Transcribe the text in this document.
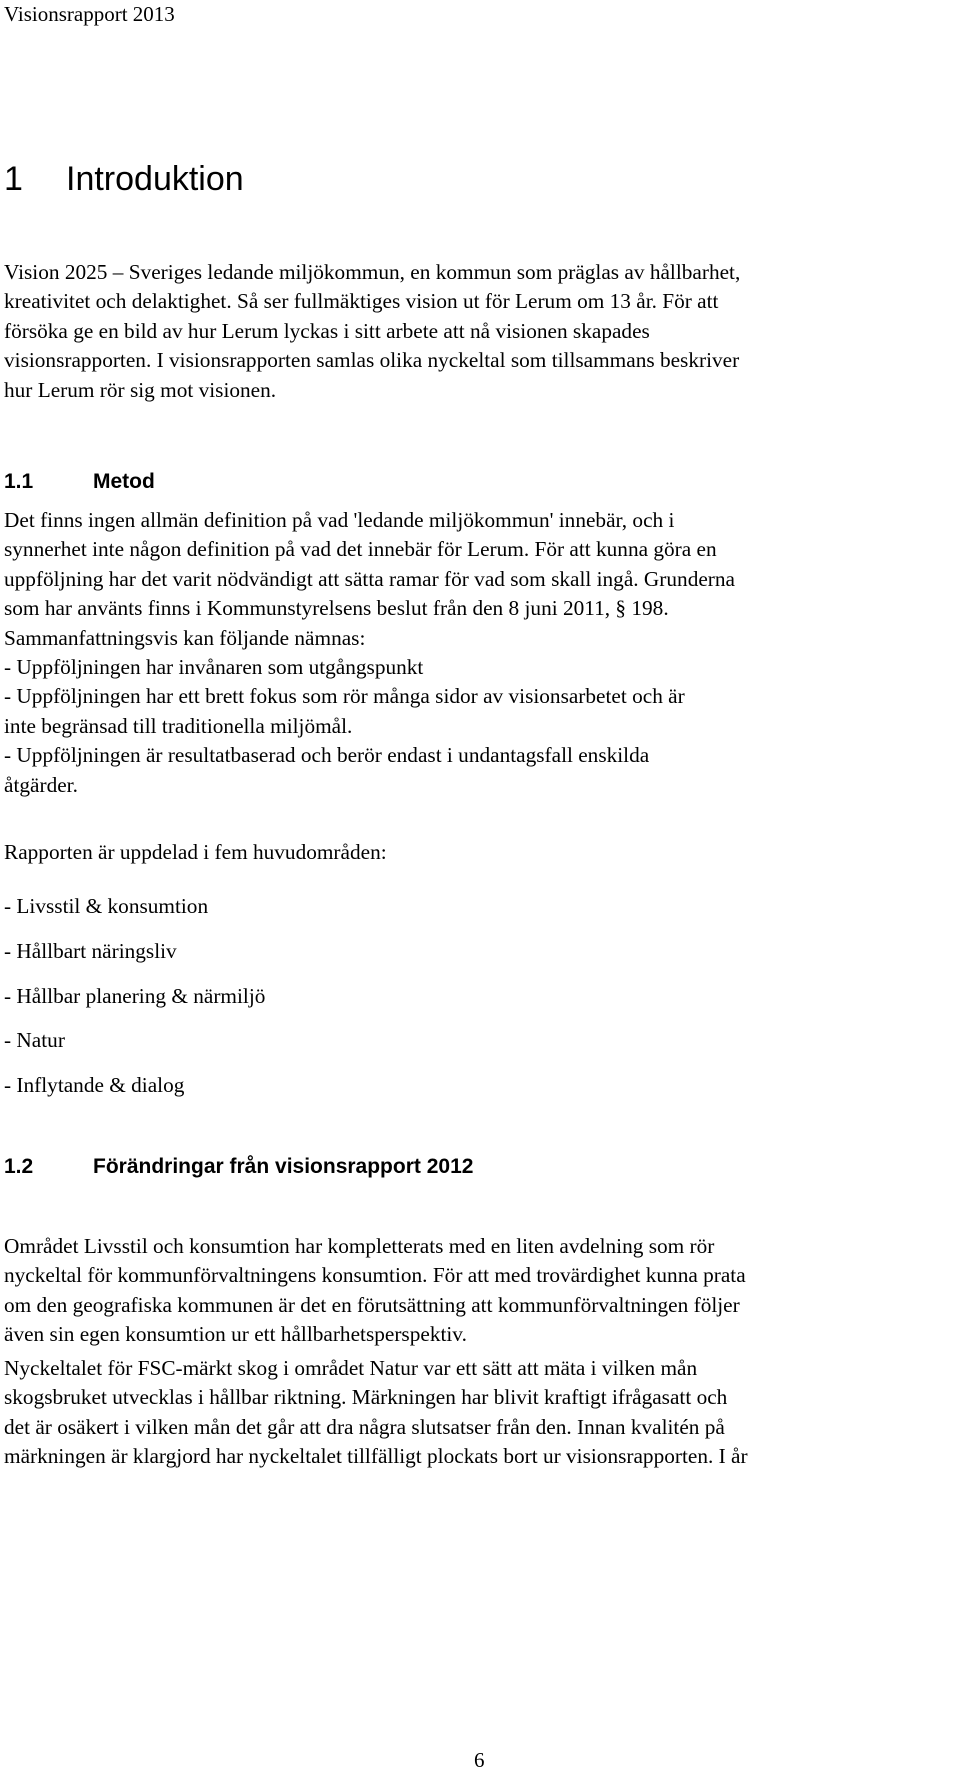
Visionsrapport 2013
1 Introduktion

Vision 2025 – Sveriges ledande miljökommun, en kommun som präglas av hållbarhet,
kreativitet och delaktighet. Så ser fullmäktiges vision ut för Lerum om 13 år. För att
försöka ge en bild av hur Lerum lyckas i sitt arbete att nå visionen skapades
visionsrapporten. I visionsrapporten samlas olika nyckeltal som tillsammans beskriver
hur Lerum rör sig mot visionen.

1.1	Metod

Det finns ingen allmän definition på vad 'ledande miljökommun' innebär, och i
synnerhet inte någon definition på vad det innebär för Lerum. För att kunna göra en
uppföljning har det varit nödvändigt att sätta ramar för vad som skall ingå. Grunderna
som har använts finns i Kommunstyrelsens beslut från den 8 juni 2011, § 198.
Sammanfattningsvis kan följande nämnas:
- Uppföljningen har invånaren som utgångspunkt
- Uppföljningen har ett brett fokus som rör många sidor av visionsarbetet och är
inte begränsad till traditionella miljömål.
- Uppföljningen är resultatbaserad och berör endast i undantagsfall enskilda
åtgärder.

Rapporten är uppdelad i fem huvudområden:

- Livsstil & konsumtion
- Hållbart näringsliv
- Hållbar planering & närmiljö
- Natur
- Inflytande & dialog
1.2	Förändringar från visionsrapport 2012

Området Livsstil och konsumtion har kompletterats med en liten avdelning som rör
nyckeltal för kommunförvaltningens konsumtion. För att med trovärdighet kunna prata
om den geografiska kommunen är det en förutsättning att kommunförvaltningen följer
även sin egen konsumtion ur ett hållbarhetsperspektiv.

Nyckeltalet för FSC-märkt skog i området Natur var ett sätt att mäta i vilken mån
skogsbruket utvecklas i hållbar riktning. Märkningen har blivit kraftigt ifrågasatt och
det är osäkert i vilken mån det går att dra några slutsatser från den. Innan kvalitén på
märkningen är klargjord har nyckeltalet tillfälligt plockats bort ur visionsrapporten. I år

6
